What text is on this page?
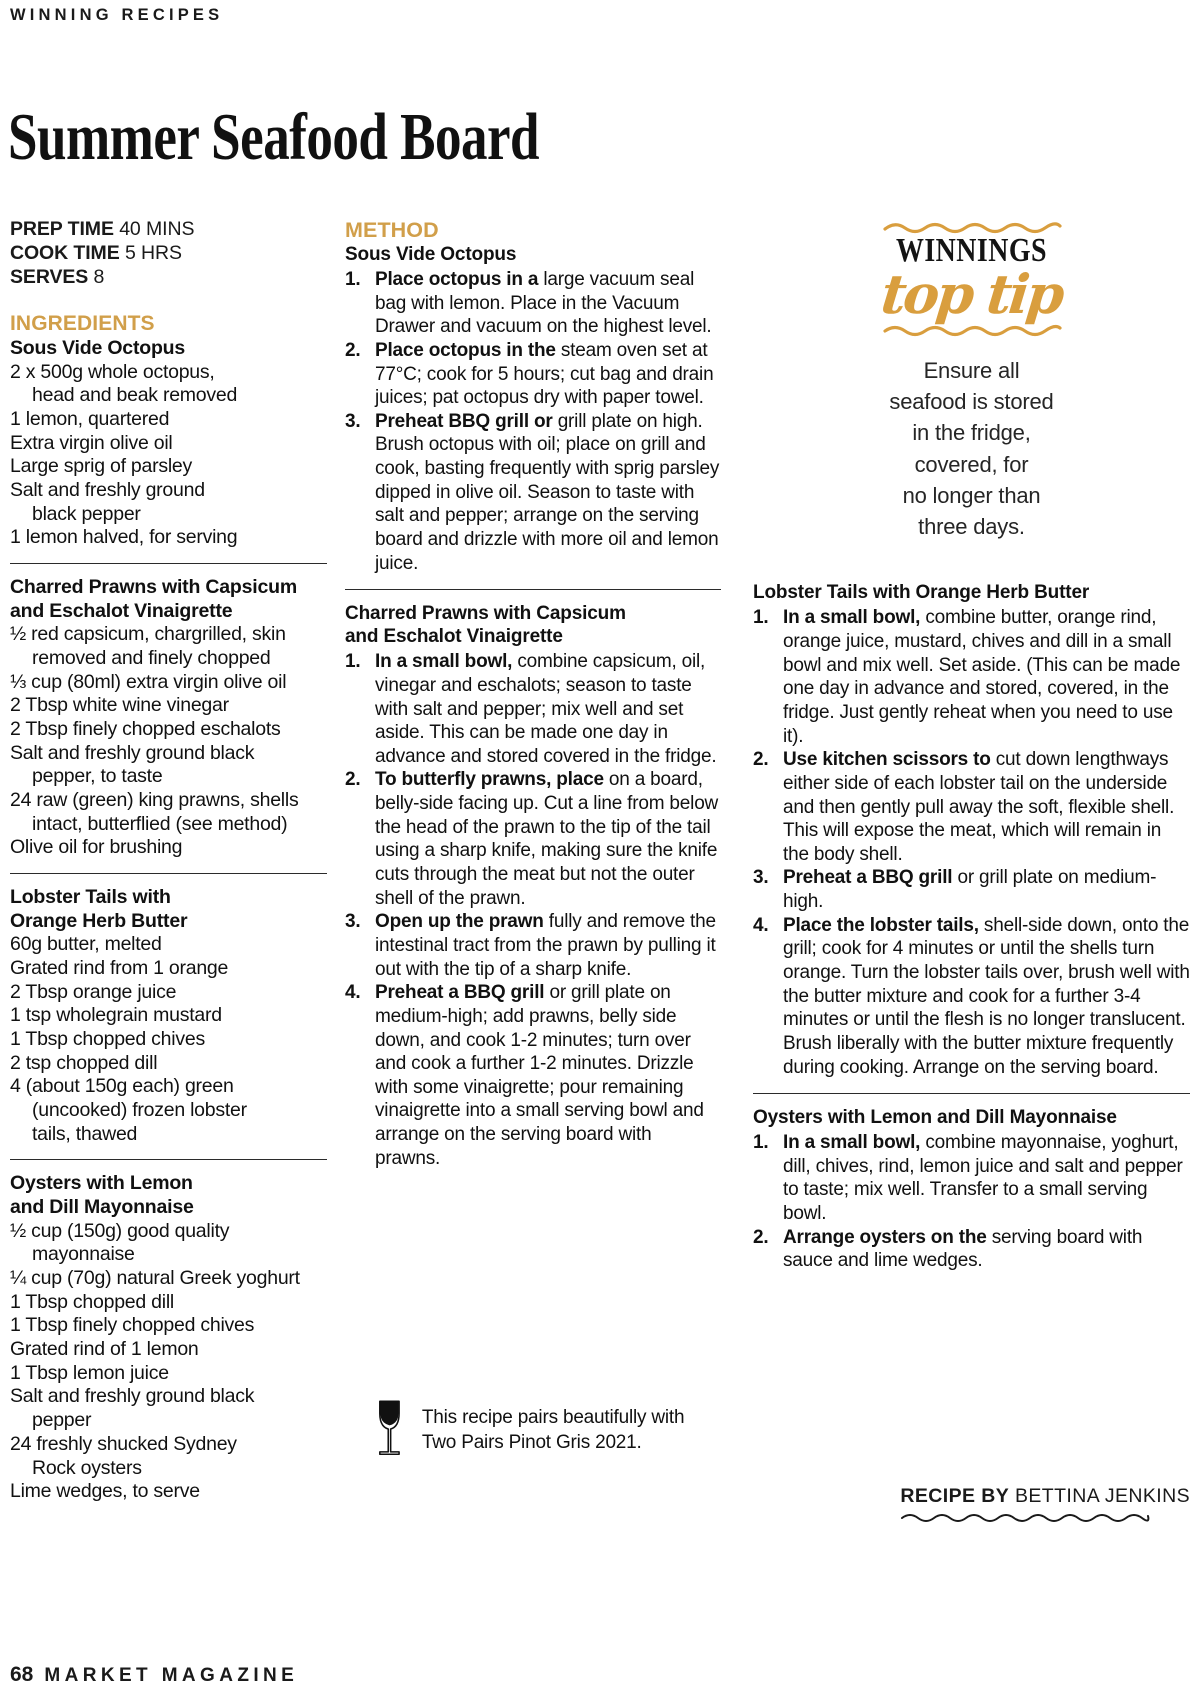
WINNING RECIPES
Summer Seafood Board
PREP TIME 40 MINS
COOK TIME 5 HRS
SERVES 8
INGREDIENTS
Sous Vide Octopus
2 x 500g whole octopus,
head and beak removed
1 lemon, quartered
Extra virgin olive oil
Large sprig of parsley
Salt and freshly ground
black pepper
1 lemon halved, for serving
Charred Prawns with Capsicum
and Eschalot Vinaigrette
½ red capsicum, chargrilled, skin
removed and finely chopped
⅓ cup (80ml) extra virgin olive oil
2 Tbsp white wine vinegar
2 Tbsp finely chopped eschalots
Salt and freshly ground black
pepper, to taste
24 raw (green) king prawns, shells
intact, butterflied (see method)
Olive oil for brushing
Lobster Tails with
Orange Herb Butter
60g butter, melted
Grated rind from 1 orange
2 Tbsp orange juice
1 tsp wholegrain mustard
1 Tbsp chopped chives
2 tsp chopped dill
4 (about 150g each) green
(uncooked) frozen lobster
tails, thawed
Oysters with Lemon
and Dill Mayonnaise
½ cup (150g) good quality
mayonnaise
¼ cup (70g) natural Greek yoghurt
1 Tbsp chopped dill
1 Tbsp finely chopped chives
Grated rind of 1 lemon
1 Tbsp lemon juice
Salt and freshly ground black
pepper
24 freshly shucked Sydney
Rock oysters
Lime wedges, to serve
METHOD
Sous Vide Octopus
Place octopus in a large vacuum seal bag with lemon. Place in the Vacuum Drawer and vacuum on the highest level.
Place octopus in the steam oven set at 77°C; cook for 5 hours; cut bag and drain juices; pat octopus dry with paper towel.
Preheat BBQ grill or grill plate on high. Brush octopus with oil; place on grill and cook, basting frequently with sprig parsley dipped in olive oil. Season to taste with salt and pepper; arrange on the serving board and drizzle with more oil and lemon juice.
Charred Prawns with Capsicum
and Eschalot Vinaigrette
In a small bowl, combine capsicum, oil, vinegar and eschalots; season to taste with salt and pepper; mix well and set aside. This can be made one day in advance and stored covered in the fridge.
To butterfly prawns, place on a board, belly-side facing up. Cut a line from below the head of the prawn to the tip of the tail using a sharp knife, making sure the knife cuts through the meat but not the outer shell of the prawn.
Open up the prawn fully and remove the intestinal tract from the prawn by pulling it out with the tip of a sharp knife.
Preheat a BBQ grill or grill plate on medium-high; add prawns, belly side down, and cook 1-2 minutes; turn over and cook a further 1-2 minutes. Drizzle with some vinaigrette; pour remaining vinaigrette into a small serving bowl and arrange on the serving board with prawns.
WINNINGS
top tip
Ensure all
seafood is stored
in the fridge,
covered, for
no longer than
three days.
Lobster Tails with Orange Herb Butter
In a small bowl, combine butter, orange rind, orange juice, mustard, chives and dill in a small bowl and mix well. Set aside. (This can be made one day in advance and stored, covered, in the fridge. Just gently reheat when you need to use it).
Use kitchen scissors to cut down lengthways either side of each lobster tail on the underside and then gently pull away the soft, flexible shell. This will expose the meat, which will remain in the body shell.
Preheat a BBQ grill or grill plate on medium-high.
Place the lobster tails, shell-side down, onto the grill; cook for 4 minutes or until the shells turn orange. Turn the lobster tails over, brush well with the butter mixture and cook for a further 3-4 minutes or until the flesh is no longer translucent. Brush liberally with the butter mixture frequently during cooking. Arrange on the serving board.
Oysters with Lemon and Dill Mayonnaise
In a small bowl, combine mayonnaise, yoghurt, dill, chives, rind, lemon juice and salt and pepper to taste; mix well. Transfer to a small serving bowl.
Arrange oysters on the serving board with sauce and lime wedges.
This recipe pairs beautifully with Two Pairs Pinot Gris 2021.
RECIPE BY BETTINA JENKINS
68 MARKET MAGAZINE
